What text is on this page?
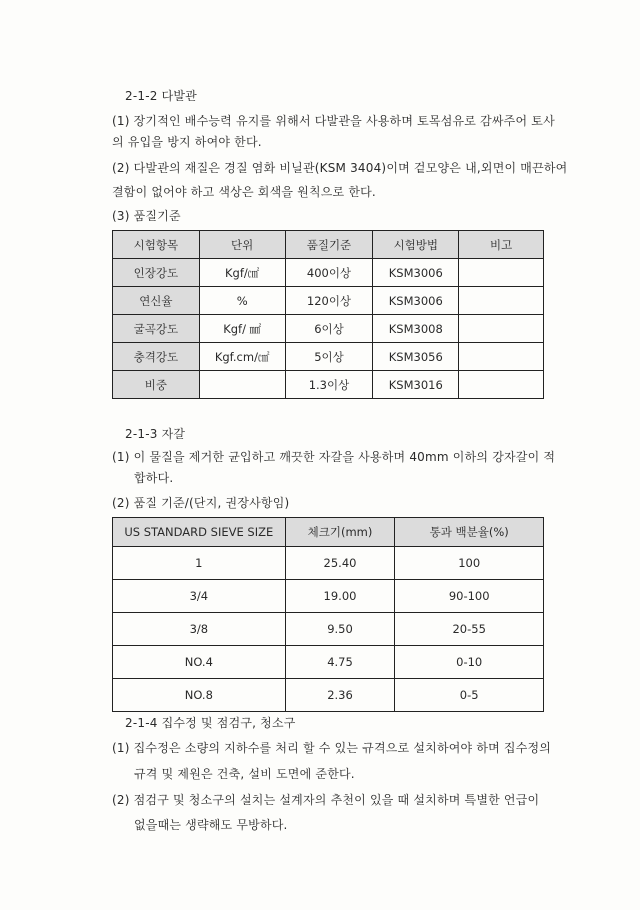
2-1-2 다발관
(1) 장기적인 배수능력 유지를 위해서 다발관을 사용하며 토목섬유로 감싸주어 토사
의 유입을 방지 하여야 한다.
(2) 다발관의 재질은 경질 염화 비닐관(KSM 3404)이며 겉모양은 내,외면이 매끈하여
결함이 없어야 하고 색상은 회색을 원칙으로 한다.
(3) 품질기준
시험항목	단위	품질기준	시험방법	비고
인장강도	Kgf/㎠	400이상	KSM3006	
연신율	%	120이상	KSM3006	
굴곡강도	Kgf/ ㎟	6이상	KSM3008	
충격강도	Kgf.cm/㎠	5이상	KSM3056	
비중		1.3이상	KSM3016	
2-1-3 자갈
(1) 이 물질을 제거한 균입하고 깨끗한 자갈을 사용하며 40mm 이하의 강자갈이 적
합하다.
(2) 품질 기준/(단지, 권장사항임)
US STANDARD SIEVE SIZE	체크기(mm)	통과 백분율(%)
1	25.40	100
3/4	19.00	90-100
3/8	9.50	20-55
NO.4	4.75	0-10
NO.8	2.36	0-5
2-1-4 집수정 및 점검구, 청소구
(1) 집수정은 소량의 지하수를 처리 할 수 있는 규격으로 설치하여야 하며 집수정의
규격 및 제원은 건축, 설비 도면에 준한다.
(2) 점검구 및 청소구의 설치는 설계자의 추천이 있을 때 설치하며 특별한 언급이
없을때는 생략해도 무방하다.
